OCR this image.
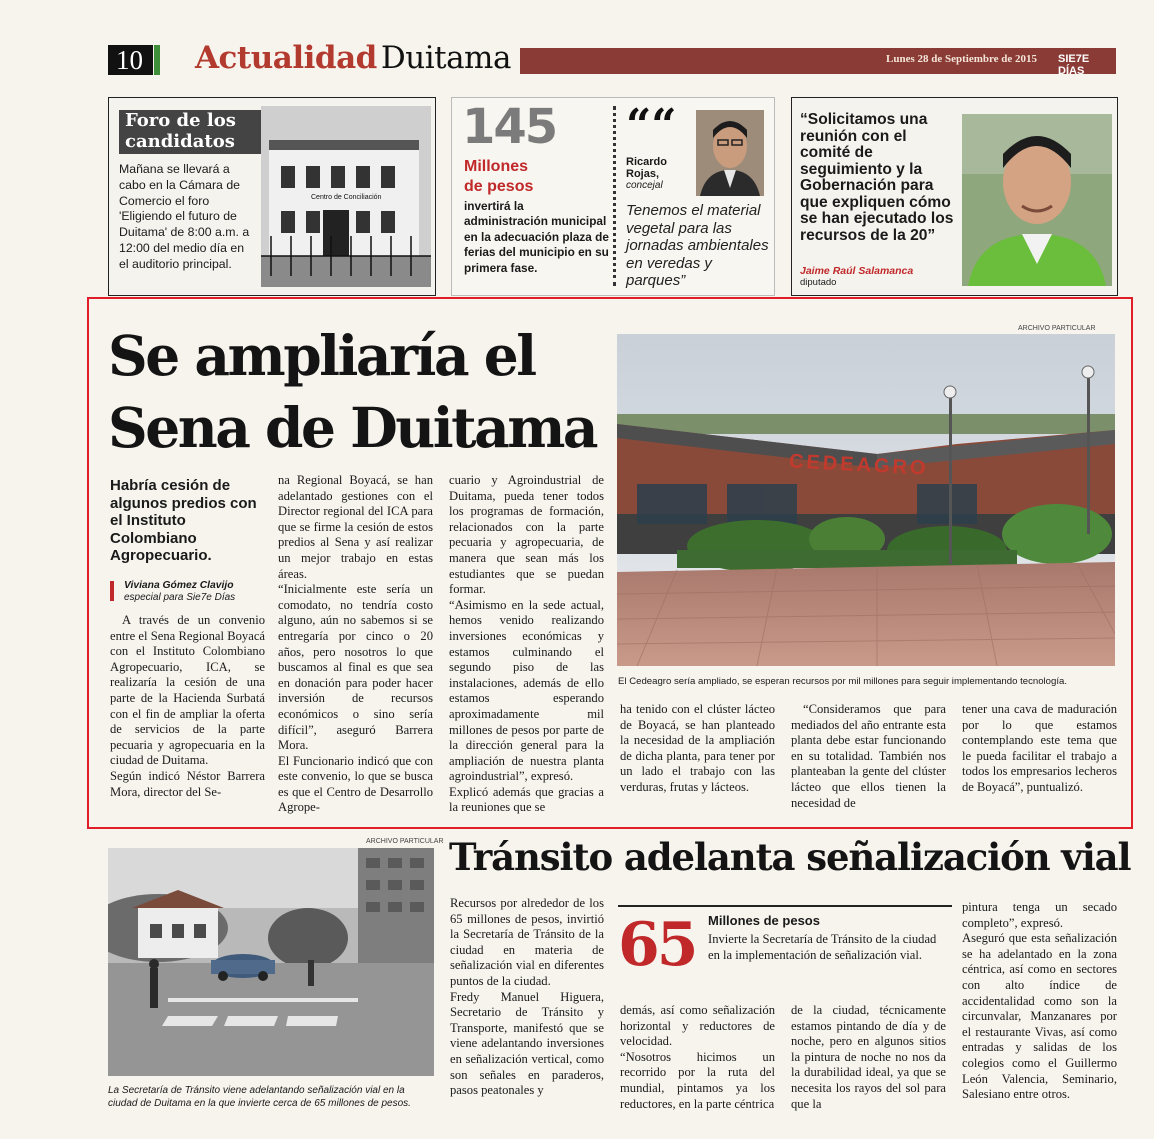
10 Actualidad Duitama	Lunes 28 de Septiembre de 2015 SIE7E DÍAS
Foro de los
candidatos
Centro de Conciliación
Mañana se llevará a cabo en la Cámara de Comercio el foro 'Eligiendo el futuro de Duitama' de 8:00 a.m. a 12:00 del medio día en el auditorio principal.
145
Millones
de pesos
invertirá la administración municipal en la adecuación plaza de ferias del municipio en su primera fase.
““
Ricardo
Rojas,
concejal
Tenemos el material vegetal para las jornadas ambientales en veredas y parques”
“Solicitamos una reunión con el comité de seguimiento y la Gobernación para que expliquen cómo se han ejecutado los recursos de la 20”
Jaime Raúl Salamanca
diputado
Se ampliaría el
Sena de Duitama
ARCHIVO PARTICULAR
CEDEAGRO
El Cedeagro sería ampliado, se esperan recursos por mil millones para seguir implementando tecnología.
Habría cesión de algunos predios con el Instituto Colombiano Agropecuario.
Viviana Gómez Clavijo
especial para Sie7e Días

A través de un convenio entre el Sena Regional Boyacá con el Instituto Colombiano Agropecuario, ICA, se realizaría la cesión de una parte de la Hacienda Surbatá con el fin de ampliar la oferta de servicios de la parte pecuaria y agropecuaria en la ciudad de Duitama.
Según indicó Néstor Barrera Mora, director del Se-

na Regional Boyacá, se han adelantado gestiones con el Director regional del ICA para que se firme la cesión de estos predios al Sena y así realizar un mejor trabajo en estas áreas.
“Inicialmente este sería un comodato, no tendría costo alguno, aún no sabemos si se entregaría por cinco o 20 años, pero nosotros lo que buscamos al final es que sea en donación para poder hacer inversión de recursos económicos o sino sería difícil”, aseguró Barrera Mora.
El Funcionario indicó que con este convenio, lo que se busca es que el Centro de Desarrollo Agrope-

cuario y Agroindustrial de Duitama, pueda tener todos los programas de formación, relacionados con la parte pecuaria y agropecuaria, de manera que sean más los estudiantes que se puedan formar.
“Asimismo en la sede actual, hemos venido realizando inversiones económicas y estamos culminando el segundo piso de las instalaciones, además de ello estamos esperando aproximadamente mil millones de pesos por parte de la dirección general para la ampliación de nuestra planta agroindustrial”, expresó.
Explicó además que gracias a la reuniones que se

ha tenido con el clúster lácteo de Boyacá, se han planteado la necesidad de la ampliación de dicha planta, para tener por un lado el trabajo con las verduras, frutas y lácteos.

“Consideramos que para mediados del año entrante esta planta debe estar funcionando en su totalidad. También nos planteaban la gente del clúster lácteo que ellos tienen la necesidad de

tener una cava de maduración por lo que estamos contemplando este tema que le pueda facilitar el trabajo a todos los empresarios lecheros de Boyacá”, puntualizó.

ARCHIVO PARTICULAR
La Secretaría de Tránsito viene adelantando señalización vial en la ciudad de Duitama en la que invierte cerca de 65 millones de pesos.
Tránsito adelanta señalización vial

Recursos por alrededor de los 65 millones de pesos, invirtió la Secretaría de Tránsito de la ciudad en materia de señalización vial en diferentes puntos de la ciudad.
Fredy Manuel Higuera, Secretario de Tránsito y Transporte, manifestó que se viene adelantando inversiones en señalización vertical, como son señales en paraderos, pasos peatonales y

65 Millones de pesos
Invierte la Secretaría de Tránsito de la ciudad en la implementación de señalización vial.

demás, así como señalización horizontal y reductores de velocidad.
“Nosotros hicimos un recorrido por la ruta del mundial, pintamos ya los reductores, en la parte céntrica

de la ciudad, técnicamente estamos pintando de día y de noche, pero en algunos sitios la pintura de noche no nos da la durabilidad ideal, ya que se necesita los rayos del sol para que la

pintura tenga un secado completo”, expresó.
Aseguró que esta señalización se ha adelantado en la zona céntrica, así como en sectores con alto índice de accidentalidad como son la circunvalar, Manzanares por el restaurante Vivas, así como entradas y salidas de los colegios como el Guillermo León Valencia, Seminario, Salesiano entre otros.
